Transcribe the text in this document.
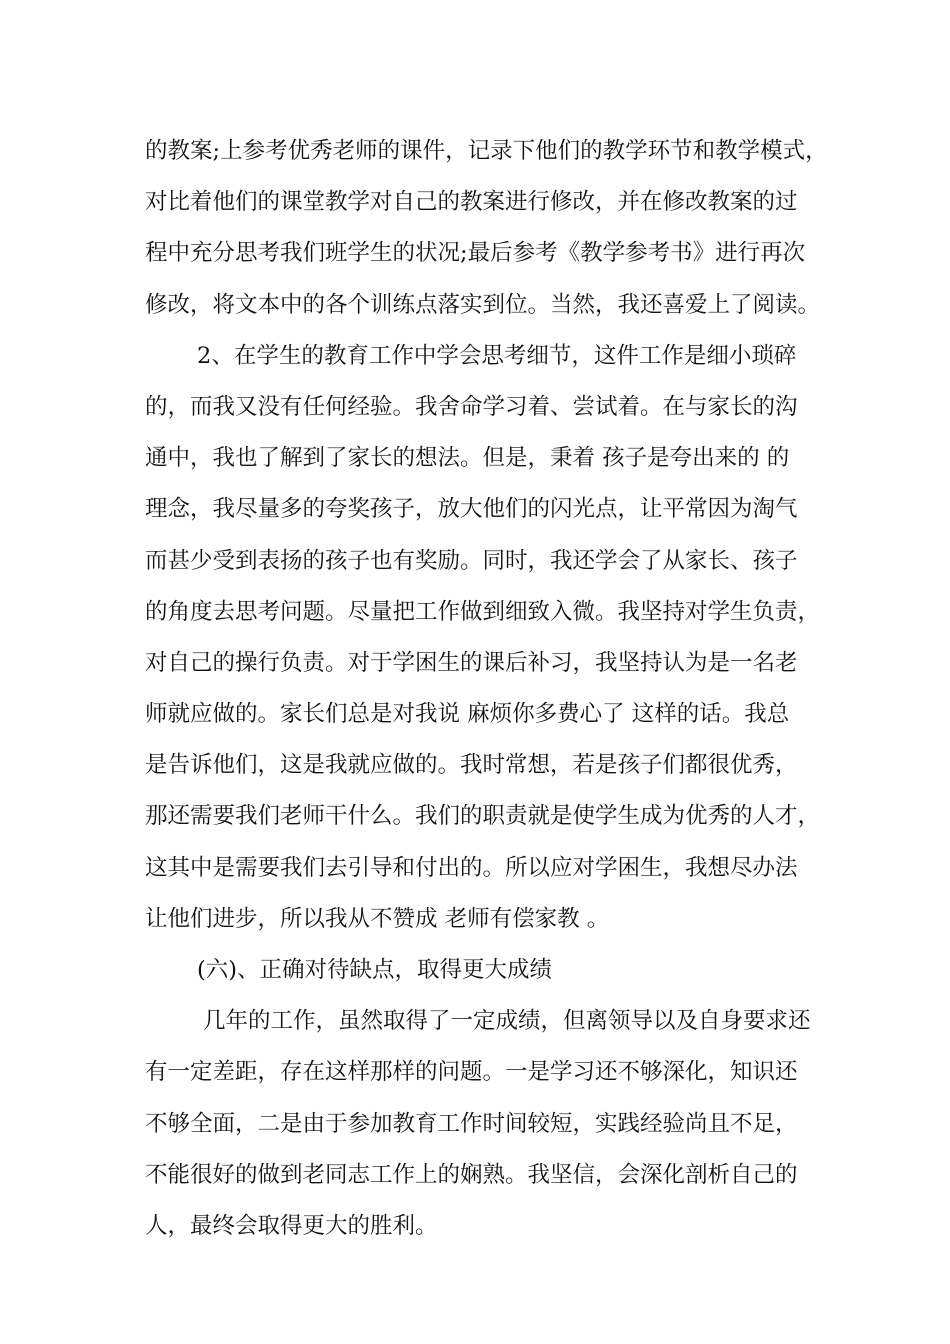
的教案;上参考优秀老师的课件，记录下他们的教学环节和教学模式，
对比着他们的课堂教学对自己的教案进行修改，并在修改教案的过
程中充分思考我们班学生的状况;最后参考《教学参考书》进行再次
修改，将文本中的各个训练点落实到位。当然，我还喜爱上了阅读。
2、在学生的教育工作中学会思考细节，这件工作是细小琐碎
的，而我又没有任何经验。我舍命学习着、尝试着。在与家长的沟
通中，我也了解到了家长的想法。但是，秉着 孩子是夸出来的 的
理念，我尽量多的夸奖孩子，放大他们的闪光点，让平常因为淘气
而甚少受到表扬的孩子也有奖励。同时，我还学会了从家长、孩子
的角度去思考问题。尽量把工作做到细致入微。我坚持对学生负责，
对自己的操行负责。对于学困生的课后补习，我坚持认为是一名老
师就应做的。家长们总是对我说 麻烦你多费心了 这样的话。我总
是告诉他们，这是我就应做的。我时常想，若是孩子们都很优秀，
那还需要我们老师干什么。我们的职责就是使学生成为优秀的人才，
这其中是需要我们去引导和付出的。所以应对学困生，我想尽办法
让他们进步，所以我从不赞成 老师有偿家教 。
(六)、正确对待缺点，取得更大成绩
几年的工作，虽然取得了一定成绩，但离领导以及自身要求还
有一定差距，存在这样那样的问题。一是学习还不够深化，知识还
不够全面，二是由于参加教育工作时间较短，实践经验尚且不足，
不能很好的做到老同志工作上的娴熟。我坚信，会深化剖析自己的
人，最终会取得更大的胜利。
